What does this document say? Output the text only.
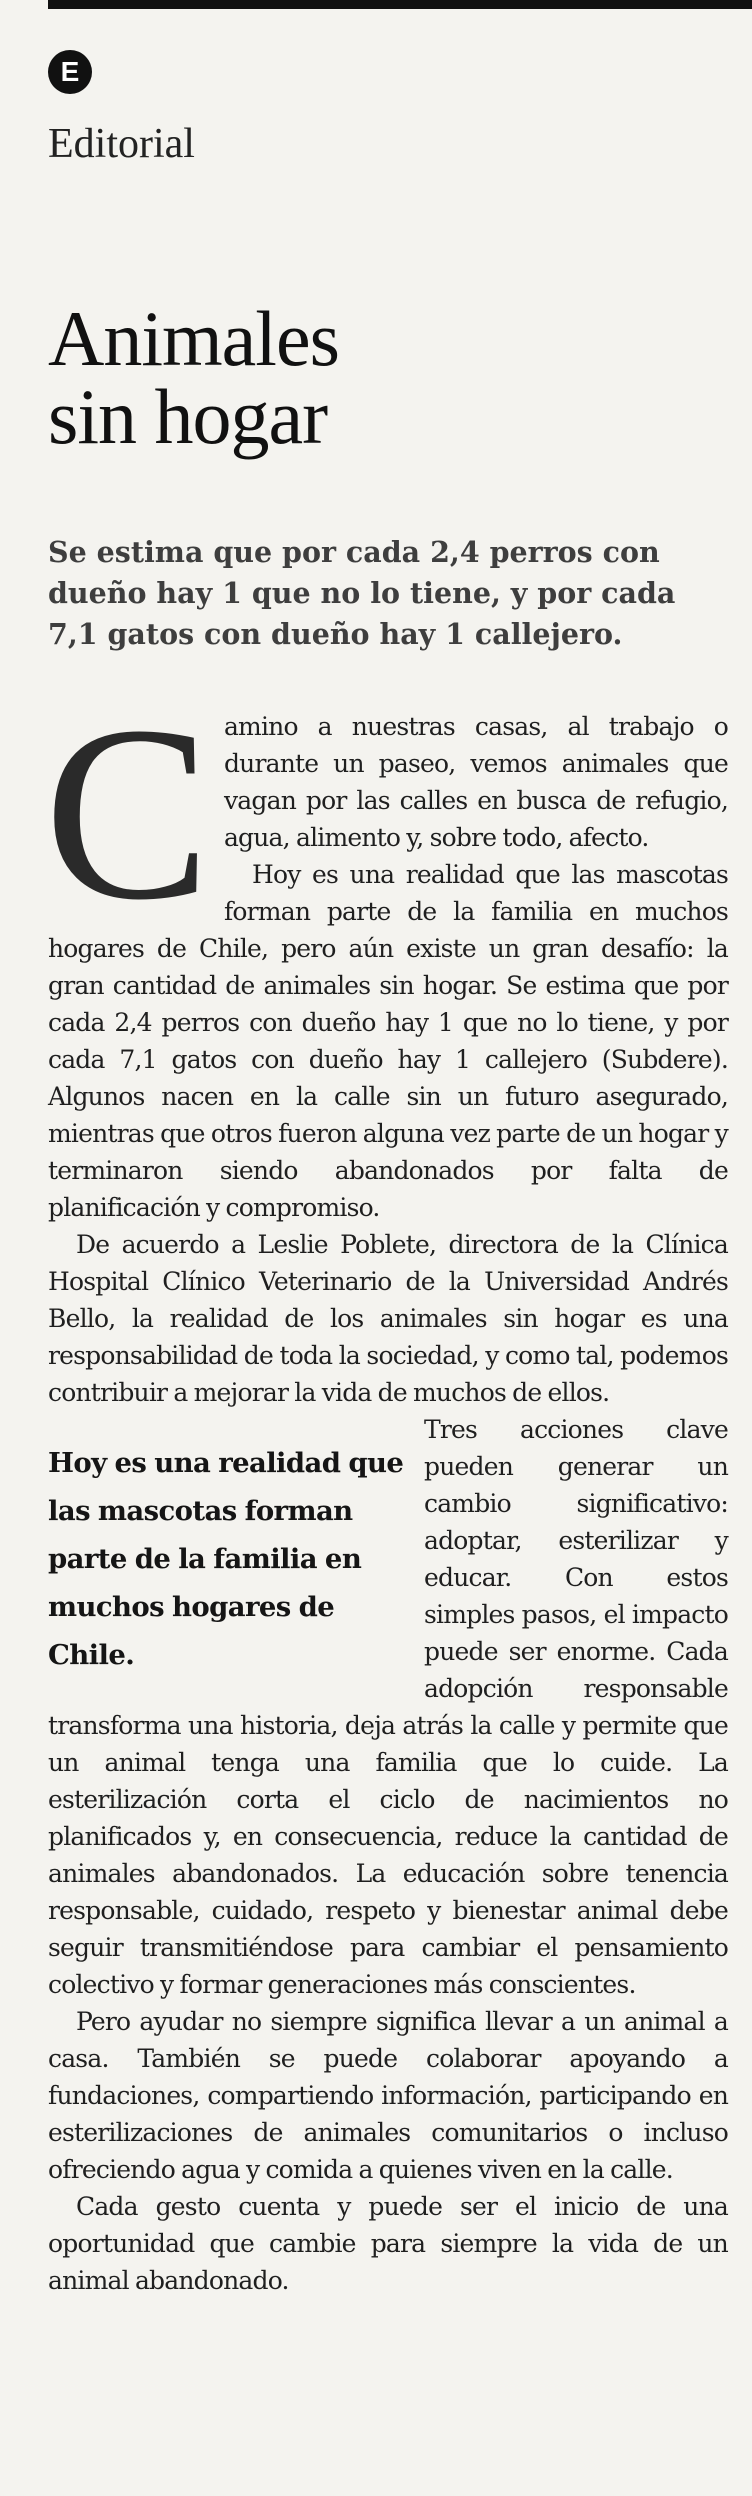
E
Editorial
Animales
sin hogar

Se estima que por cada 2,4 perros con dueño hay 1 que no lo tiene, y por cada 7,1 gatos con dueño hay 1 callejero.

Camino a nuestras casas, al trabajo o durante un paseo, vemos animales que vagan por las calles en busca de refugio, agua, alimento y, sobre todo, afecto.

Hoy es una realidad que las mascotas forman parte de la familia en muchos hogares de Chile, pero aún existe un gran desafío: la gran cantidad de animales sin hogar. Se estima que por cada 2,4 perros con dueño hay 1 que no lo tiene, y por cada 7,1 gatos con dueño hay 1 callejero (Subdere). Algunos nacen en la calle sin un futuro asegurado, mientras que otros fueron alguna vez parte de un hogar y terminaron siendo abandonados por falta de planificación y compromiso.

De acuerdo a Leslie Poblete, directora de la Clínica Hospital Clínico Veterinario de la Universidad Andrés Bello, la realidad de los animales sin hogar es una responsabilidad de toda la sociedad, y como tal, podemos contribuir a mejorar la vida de muchos de ellos.

Hoy es una realidad que las mascotas forman parte de la familia en muchos hogares de Chile.

Tres acciones clave pueden generar un cambio significativo: adoptar, esterilizar y educar. Con estos simples pasos, el impacto puede ser enorme. Cada adopción responsable transforma una historia, deja atrás la calle y permite que un animal tenga una familia que lo cuide. La esterilización corta el ciclo de nacimientos no planificados y, en consecuencia, reduce la cantidad de animales abandonados. La educación sobre tenencia responsable, cuidado, respeto y bienestar animal debe seguir transmitiéndose para cambiar el pensamiento colectivo y formar generaciones más conscientes.

Pero ayudar no siempre significa llevar a un animal a casa. También se puede colaborar apoyando a fundaciones, compartiendo información, participando en esterilizaciones de animales comunitarios o incluso ofreciendo agua y comida a quienes viven en la calle.

Cada gesto cuenta y puede ser el inicio de una oportunidad que cambie para siempre la vida de un animal abandonado.
